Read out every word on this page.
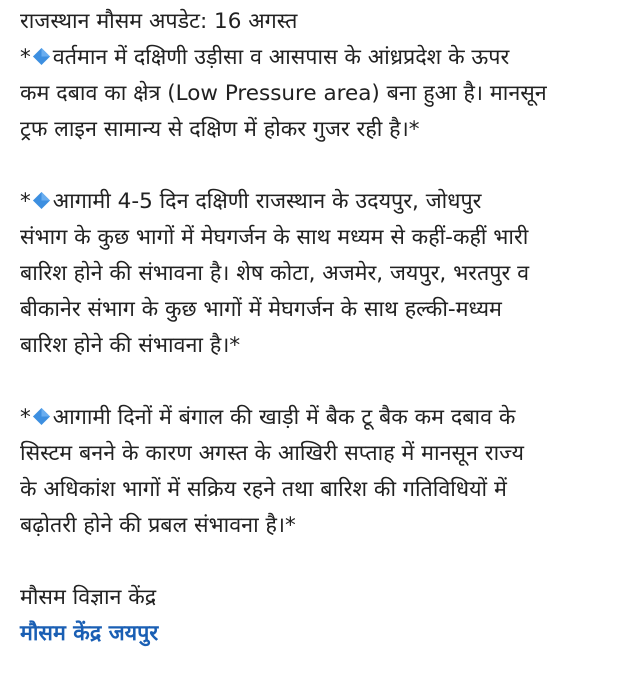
राजस्थान मौसम अपडेट: 16 अगस्त
* वर्तमान में दक्षिणी उड़ीसा व आसपास के आंध्रप्रदेश के ऊपर
कम दबाव का क्षेत्र (Low Pressure area) बना हुआ है। मानसून
ट्रफ लाइन सामान्य से दक्षिण में होकर गुजर रही है।*
* आगामी 4-5 दिन दक्षिणी राजस्थान के उदयपुर, जोधपुर
संभाग के कुछ भागों में मेघगर्जन के साथ मध्यम से कहीं-कहीं भारी
बारिश होने की संभावना है। शेष कोटा, अजमेर, जयपुर, भरतपुर व
बीकानेर संभाग के कुछ भागों में मेघगर्जन के साथ हल्की-मध्यम
बारिश होने की संभावना है।*
* आगामी दिनों में बंगाल की खाड़ी में बैक टू बैक कम दबाव के
सिस्टम बनने के कारण अगस्त के आखिरी सप्ताह में मानसून राज्य
के अधिकांश भागों में सक्रिय रहने तथा बारिश की गतिविधियों में
बढ़ोतरी होने की प्रबल संभावना है।*
मौसम विज्ञान केंद्र
मौसम केंद्र जयपुर
